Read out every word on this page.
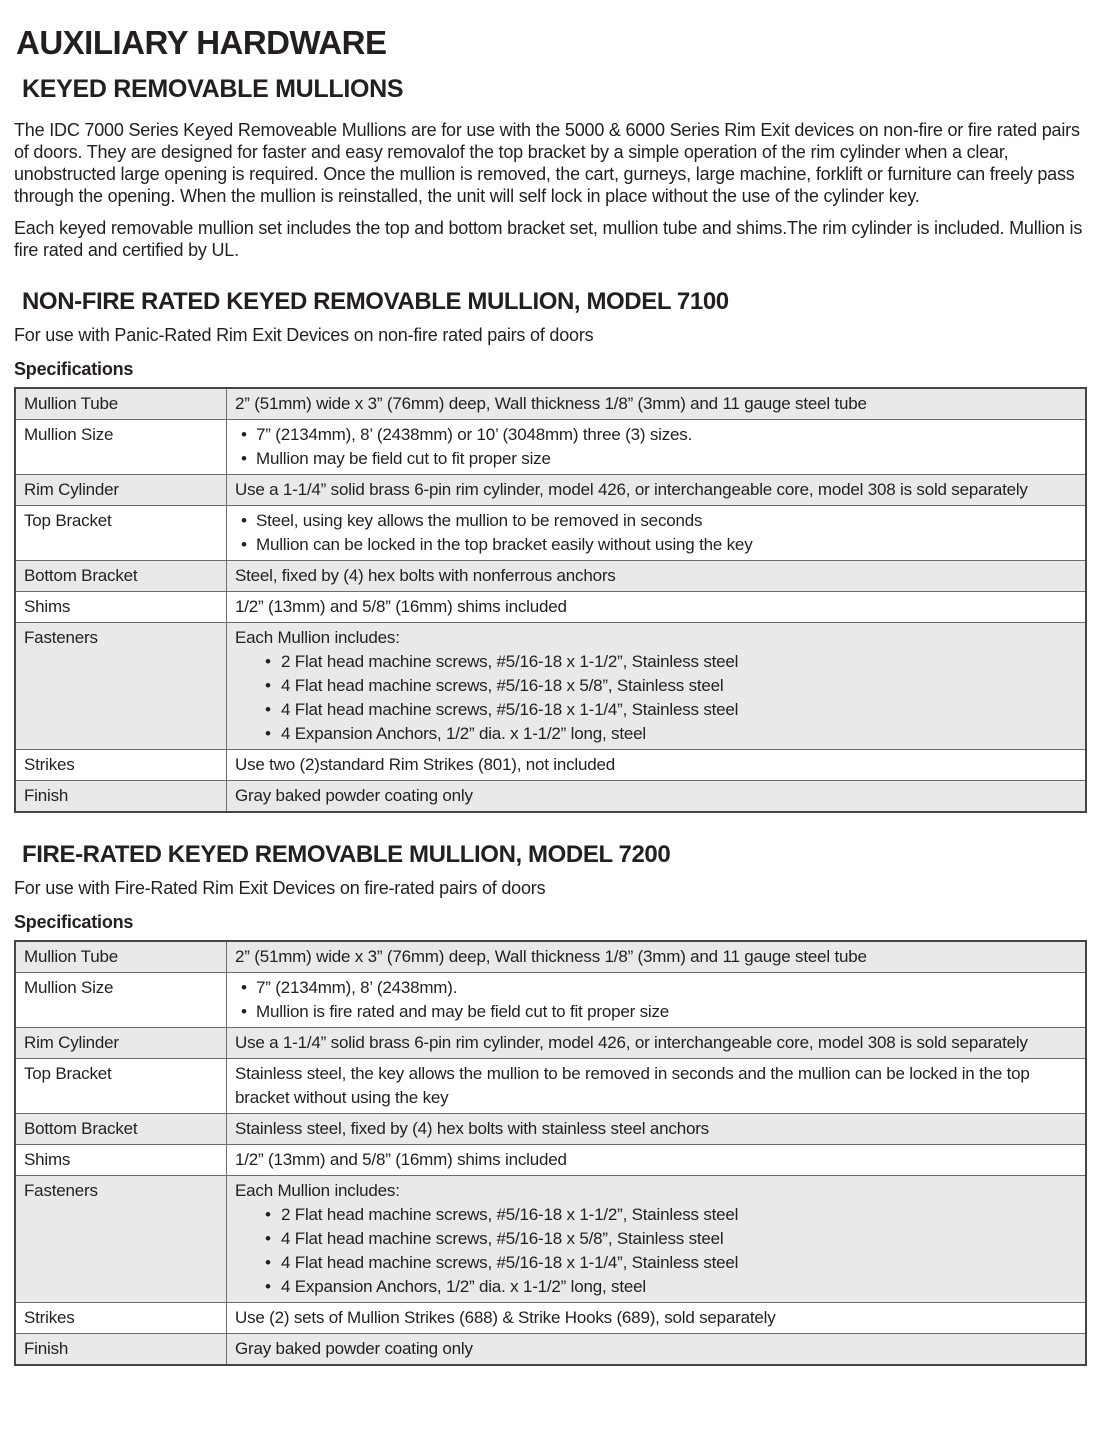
AUXILIARY HARDWARE
KEYED REMOVABLE MULLIONS

The IDC 7000 Series Keyed Removeable Mullions are for use with the 5000 & 6000 Series Rim Exit devices on non-fire or fire rated pairs of doors. They are designed for faster and easy removalof the top bracket by a simple operation of the rim cylinder when a clear, unobstructed large opening is required. Once the mullion is removed, the cart, gurneys, large machine, forklift or furniture can freely pass through the opening. When the mullion is reinstalled, the unit will self lock in place without the use of the cylinder key.

Each keyed removable mullion set includes the top and bottom bracket set, mullion tube and shims.The rim cylinder is included. Mullion is fire rated and certified by UL.

NON-FIRE RATED KEYED REMOVABLE MULLION, MODEL 7100

For use with Panic-Rated Rim Exit Devices on non-fire rated pairs of doors

Specifications

Mullion Tube	2” (51mm) wide x 3” (76mm) deep, Wall thickness 1/8” (3mm) and 11 gauge steel tube
Mullion Size	• 7” (2134mm), 8’ (2438mm) or 10’ (3048mm) three (3) sizes.
• Mullion may be field cut to fit proper size

Rim Cylinder	Use a 1-1/4” solid brass 6-pin rim cylinder, model 426, or interchangeable core, model 308 is sold separately
Top Bracket	• Steel, using key allows the mullion to be removed in seconds
• Mullion can be locked in the top bracket easily without using the key

Bottom Bracket	Steel, fixed by (4) hex bolts with nonferrous anchors
Shims	1/2” (13mm) and 5/8” (16mm) shims included
Fasteners	Each Mullion includes:
• 2 Flat head machine screws, #5/16-18 x 1-1/2”, Stainless steel
• 4 Flat head machine screws, #5/16-18 x 5/8”, Stainless steel
• 4 Flat head machine screws, #5/16-18 x 1-1/4”, Stainless steel
• 4 Expansion Anchors, 1/2” dia. x 1-1/2” long, steel

Strikes	Use two (2)standard Rim Strikes (801), not included
Finish	Gray baked powder coating only
FIRE-RATED KEYED REMOVABLE MULLION, MODEL 7200

For use with Fire-Rated Rim Exit Devices on fire-rated pairs of doors

Specifications

Mullion Tube	2” (51mm) wide x 3” (76mm) deep, Wall thickness 1/8” (3mm) and 11 gauge steel tube
Mullion Size	• 7” (2134mm), 8’ (2438mm).
• Mullion is fire rated and may be field cut to fit proper size

Rim Cylinder	Use a 1-1/4” solid brass 6-pin rim cylinder, model 426, or interchangeable core, model 308 is sold separately
Top Bracket	Stainless steel, the key allows the mullion to be removed in seconds and the mullion can be locked in the top bracket without using the key
Bottom Bracket	Stainless steel, fixed by (4) hex bolts with stainless steel anchors
Shims	1/2” (13mm) and 5/8” (16mm) shims included
Fasteners	Each Mullion includes:
• 2 Flat head machine screws, #5/16-18 x 1-1/2”, Stainless steel
• 4 Flat head machine screws, #5/16-18 x 5/8”, Stainless steel
• 4 Flat head machine screws, #5/16-18 x 1-1/4”, Stainless steel
• 4 Expansion Anchors, 1/2” dia. x 1-1/2” long, steel

Strikes	Use (2) sets of Mullion Strikes (688) & Strike Hooks (689), sold separately
Finish	Gray baked powder coating only
